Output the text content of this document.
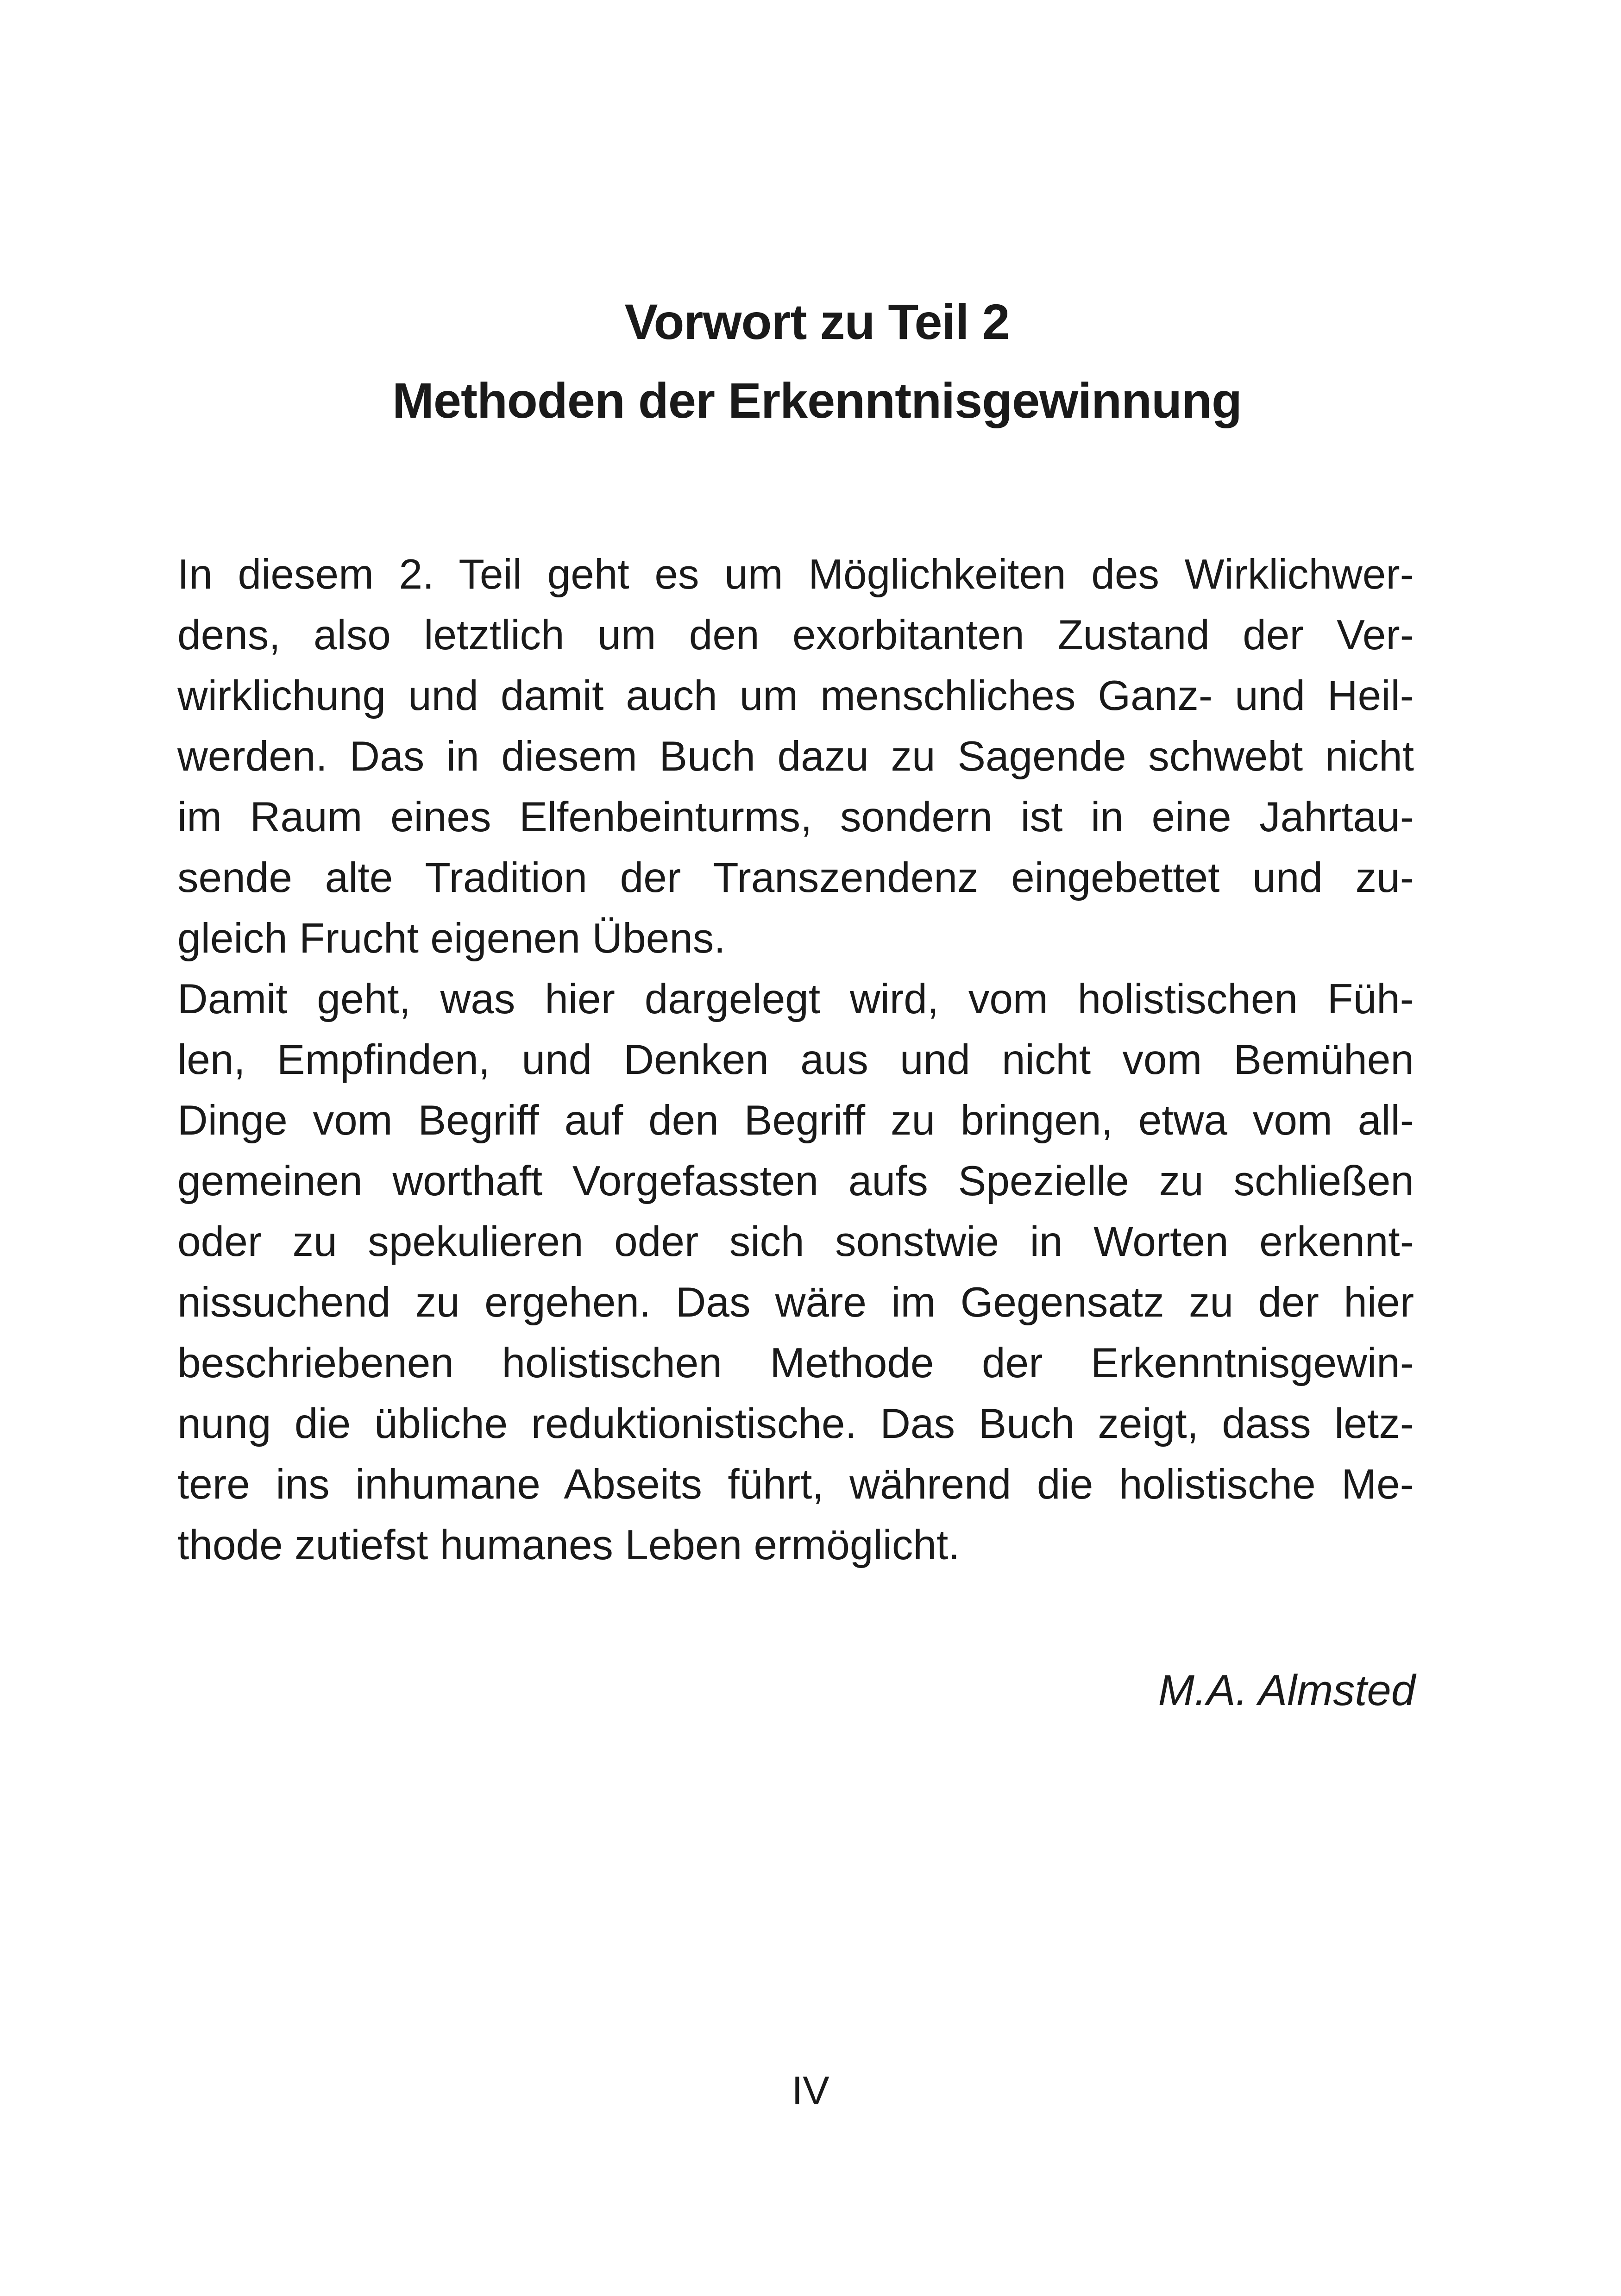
Vorwort zu Teil 2
Methoden der Erkenntnisgewinnung
In diesem 2. Teil geht es um Möglichkeiten des Wirklichwer-
dens, also letztlich um den exorbitanten Zustand der Ver-
wirklichung und damit auch um menschliches Ganz- und Heil-
werden. Das in diesem Buch dazu zu Sagende schwebt nicht
im Raum eines Elfenbeinturms, sondern ist in eine Jahrtau-
sende alte Tradition der Transzendenz eingebettet und zu-
gleich Frucht eigenen Übens.
Damit geht, was hier dargelegt wird, vom holistischen Füh-
len, Empfinden, und Denken aus und nicht vom Bemühen
Dinge vom Begriff auf den Begriff zu bringen, etwa vom all-
gemeinen worthaft Vorgefassten aufs Spezielle zu schließen
oder zu spekulieren oder sich sonstwie in Worten erkennt-
nissuchend zu ergehen. Das wäre im Gegensatz zu der hier
beschriebenen holistischen Methode der Erkenntnisgewin-
nung die übliche reduktionistische. Das Buch zeigt, dass letz-
tere ins inhumane Abseits führt, während die holistische Me-
thode zutiefst humanes Leben ermöglicht.
M.A. Almsted
IV
